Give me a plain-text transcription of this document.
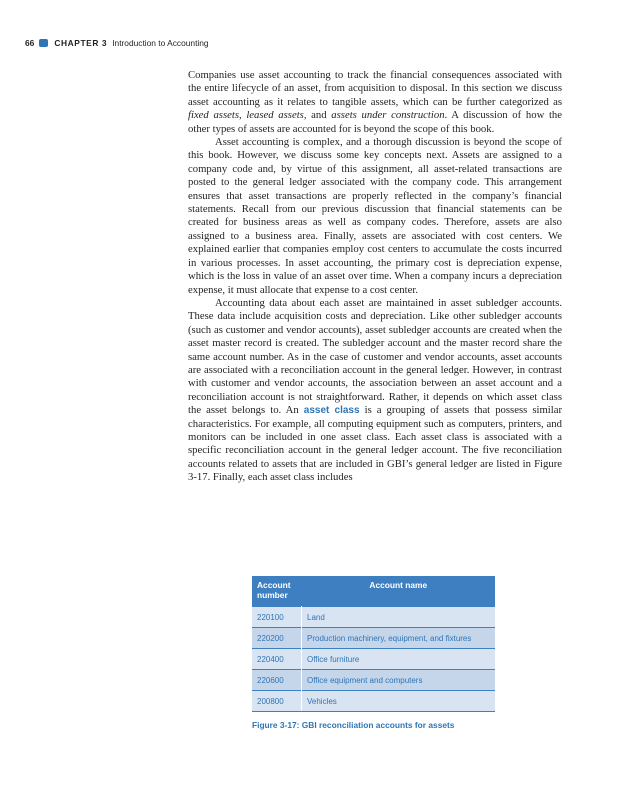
66 CHAPTER 3 Introduction to Accounting

Companies use asset accounting to track the financial consequences associated with the entire lifecycle of an asset, from acquisition to disposal. In this section we discuss asset accounting as it relates to tangible assets, which can be further categorized as fixed assets, leased assets, and assets under construction. A discussion of how the other types of assets are accounted for is beyond the scope of this book.

Asset accounting is complex, and a thorough discussion is beyond the scope of this book. However, we discuss some key concepts next. Assets are assigned to a company code and, by virtue of this assignment, all asset-related transactions are posted to the general ledger associated with the company code. This arrangement ensures that asset transactions are properly reflected in the company’s financial statements. Recall from our previous discussion that financial statements can be created for business areas as well as company codes. Therefore, assets are also assigned to a business area. Finally, assets are associated with cost centers. We explained earlier that companies employ cost centers to accumulate the costs incurred in various processes. In asset accounting, the primary cost is depreciation expense, which is the loss in value of an asset over time. When a company incurs a depreciation expense, it must allocate that expense to a cost center.

Accounting data about each asset are maintained in asset subledger accounts. These data include acquisition costs and depreciation. Like other subledger accounts (such as customer and vendor accounts), asset subledger accounts are created when the asset master record is created. The subledger account and the master record share the same account number. As in the case of customer and vendor accounts, asset accounts are associated with a reconciliation account in the general ledger. However, in contrast with customer and vendor accounts, the association between an asset account and a reconciliation account is not straightforward. Rather, it depends on which asset class the asset belongs to. An asset class is a grouping of assets that possess similar characteristics. For example, all computing equipment such as computers, printers, and monitors can be included in one asset class. Each asset class is associated with a specific reconciliation account in the general ledger account. The five reconciliation accounts related to assets that are included in GBI’s general ledger are listed in Figure 3-17. Finally, each asset class includes

Account number	Account name
220100	Land
220200	Production machinery, equipment, and fixtures
220400	Office furniture
220600	Office equipment and computers
200800	Vehicles
Figure 3-17: GBI reconciliation accounts for assets
